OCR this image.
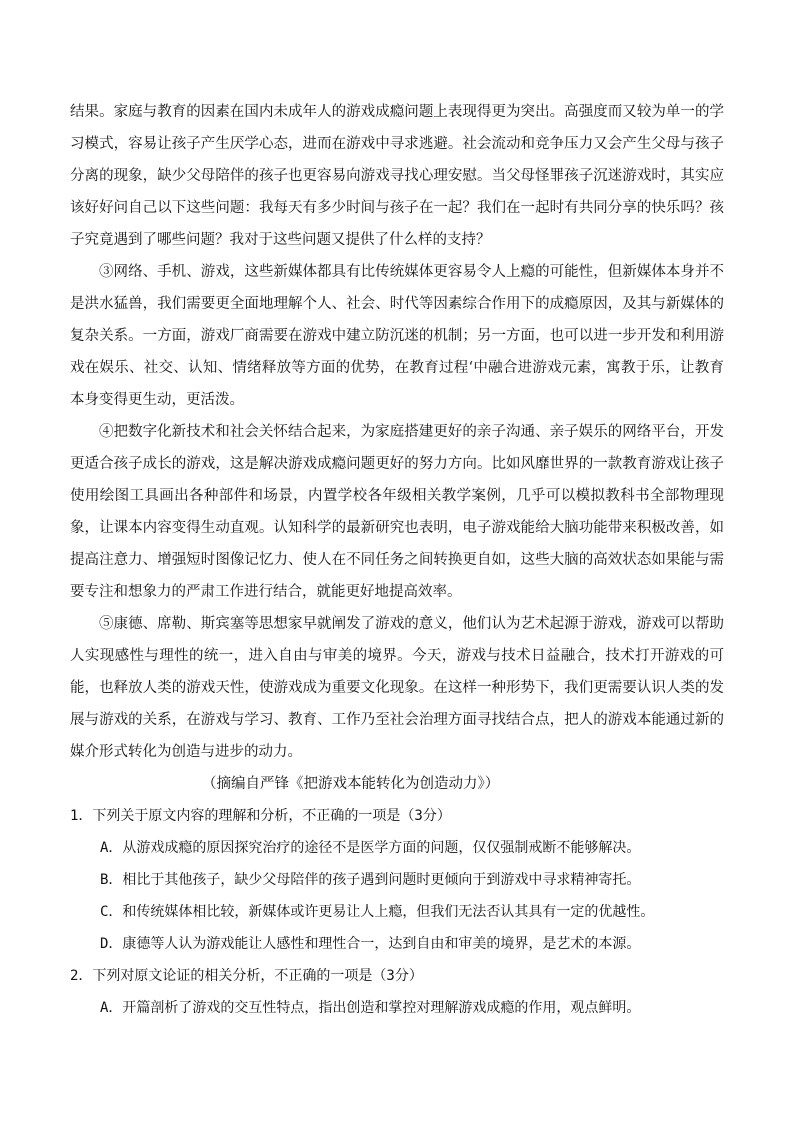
结果。家庭与教育的因素在国内未成年人的游戏成瘾问题上表现得更为突出。高强度而又较为单一的学习模式，容易让孩子产生厌学心态，进而在游戏中寻求逃避。社会流动和竞争压力又会产生父母与孩子分离的现象，缺少父母陪伴的孩子也更容易向游戏寻找心理安慰。当父母怪罪孩子沉迷游戏时，其实应该好好问自己以下这些问题：我每天有多少时间与孩子在一起？我们在一起时有共同分享的快乐吗？孩子究竟遇到了哪些问题？我对于这些问题又提供了什么样的支持？

③网络、手机、游戏，这些新媒体都具有比传统媒体更容易令人上瘾的可能性，但新媒体本身并不是洪水猛兽，我们需要更全面地理解个人、社会、时代等因素综合作用下的成瘾原因，及其与新媒体的复杂关系。一方面，游戏厂商需要在游戏中建立防沉迷的机制；另一方面，也可以进一步开发和利用游戏在娱乐、社交、认知、情绪释放等方面的优势，在教育过程‘中融合进游戏元素，寓教于乐，让教育本身变得更生动，更活泼。

④把数字化新技术和社会关怀结合起来，为家庭搭建更好的亲子沟通、亲子娱乐的网络平台，开发更适合孩子成长的游戏，这是解决游戏成瘾问题更好的努力方向。比如风靡世界的一款教育游戏让孩子使用绘图工具画出各种部件和场景，内置学校各年级相关教学案例，几乎可以模拟教科书全部物理现象，让课本内容变得生动直观。认知科学的最新研究也表明，电子游戏能给大脑功能带来积极改善，如提高注意力、增强短时图像记忆力、使人在不同任务之间转换更自如，这些大脑的高效状态如果能与需要专注和想象力的严肃工作进行结合，就能更好地提高效率。

⑤康德、席勒、斯宾塞等思想家早就阐发了游戏的意义，他们认为艺术起源于游戏，游戏可以帮助人实现感性与理性的统一，进入自由与审美的境界。今天，游戏与技术日益融合，技术打开游戏的可能，也释放人类的游戏天性，使游戏成为重要文化现象。在这样一种形势下，我们更需要认识人类的发展与游戏的关系，在游戏与学习、教育、工作乃至社会治理方面寻找结合点，把人的游戏本能通过新的媒介形式转化为创造与进步的动力。

（摘编自严锋《把游戏本能转化为创造动力》）

1．下列关于原文内容的理解和分析，不正确的一项是（3分）

A．从游戏成瘾的原因探究治疗的途径不是医学方面的问题，仅仅强制戒断不能够解决。

B．相比于其他孩子，缺少父母陪伴的孩子遇到问题时更倾向于到游戏中寻求精神寄托。

C．和传统媒体相比较，新媒体或许更易让人上瘾，但我们无法否认其具有一定的优越性。

D．康德等人认为游戏能让人感性和理性合一，达到自由和审美的境界，是艺术的本源。

2．下列对原文论证的相关分析，不正确的一项是（3分）

A．开篇剖析了游戏的交互性特点，指出创造和掌控对理解游戏成瘾的作用，观点鲜明。
